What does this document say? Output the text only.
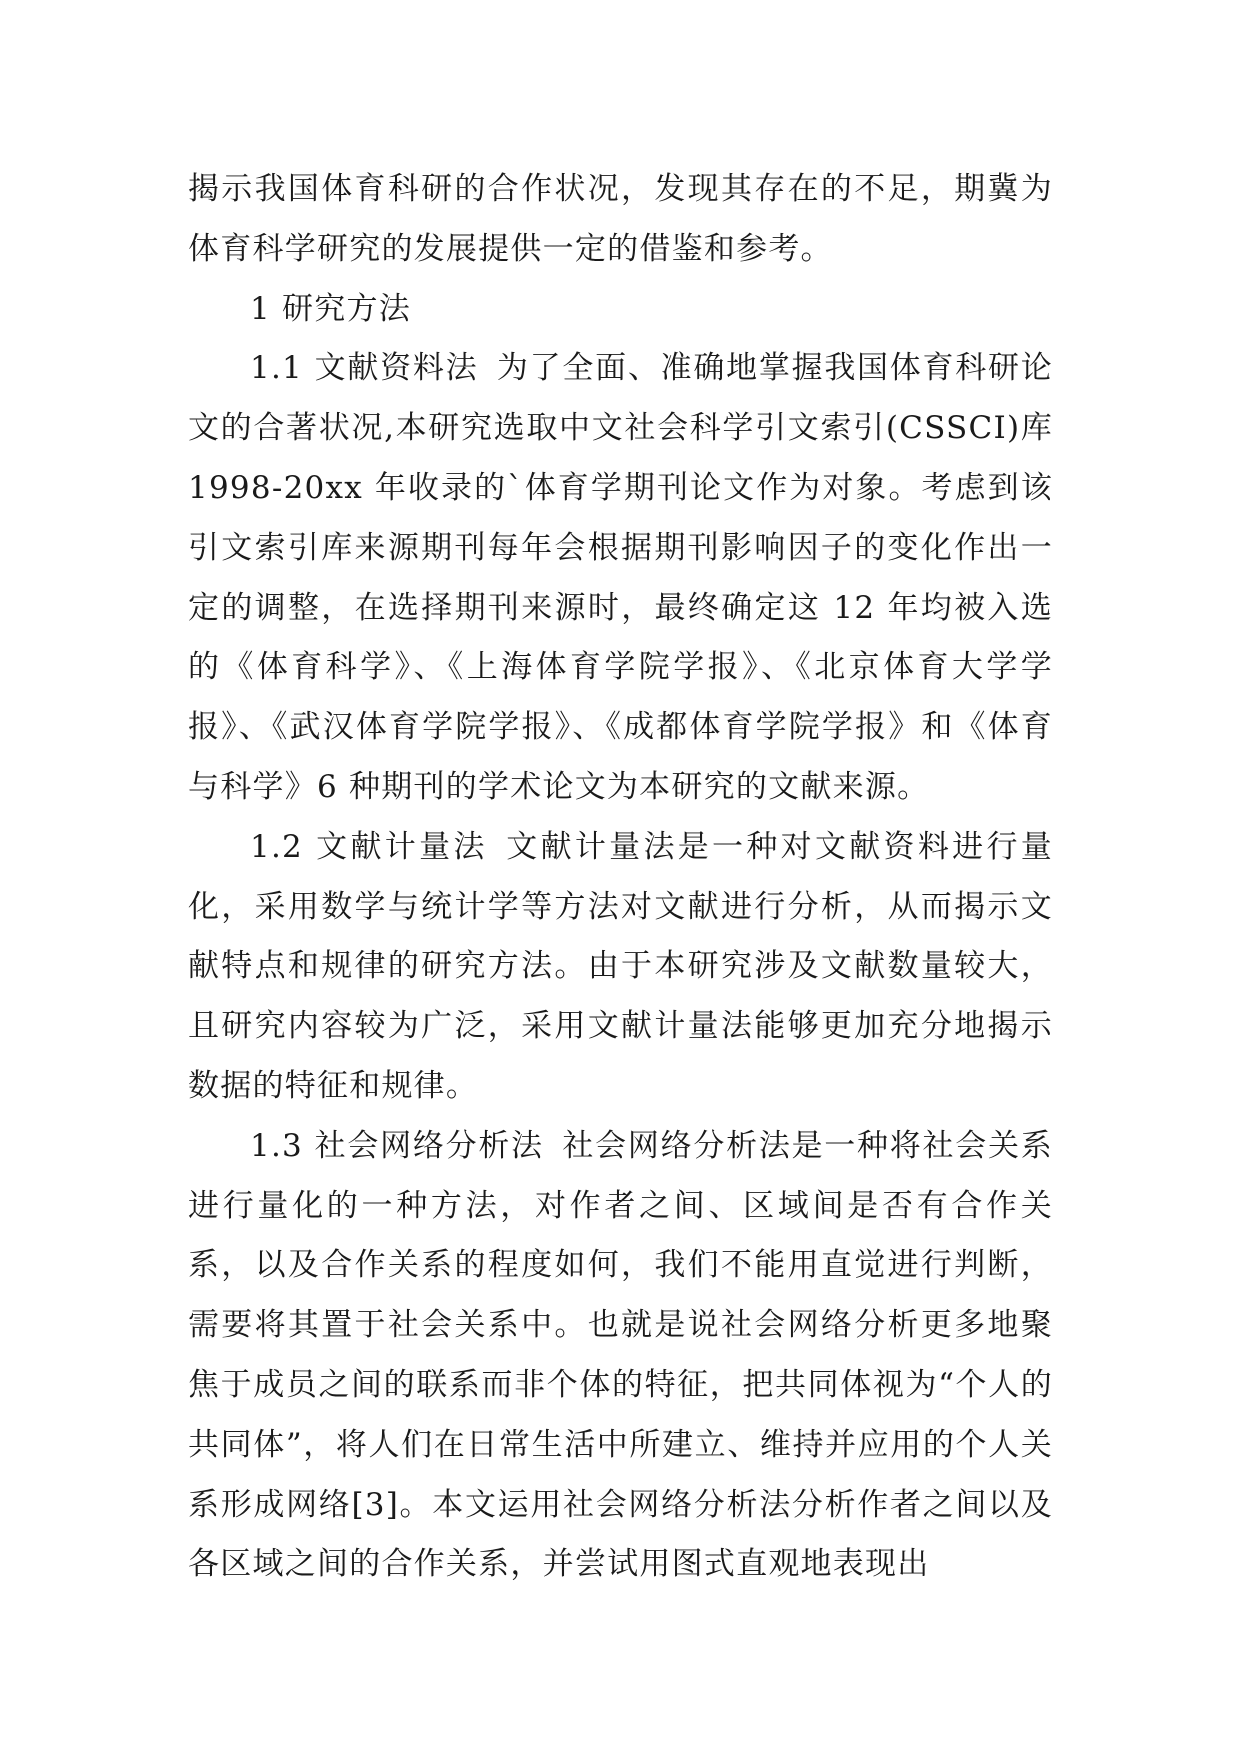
揭示我国体育科研的合作状况，发现其存在的不足，期冀为体育科学研究的发展提供一定的借鉴和参考。

1 研究方法

1.1 文献资料法 为了全面、准确地掌握我国体育科研论文的合著状况,本研究选取中文社会科学引文索引(CSSCI)库 1998-20xx 年收录的`体育学期刊论文作为对象。考虑到该引文索引库来源期刊每年会根据期刊影响因子的变化作出一定的调整，在选择期刊来源时，最终确定这 12 年均被入选的《体育科学》、《上海体育学院学报》、《北京体育大学学报》、《武汉体育学院学报》、《成都体育学院学报》和《体育与科学》6 种期刊的学术论文为本研究的文献来源。

1.2 文献计量法 文献计量法是一种对文献资料进行量化，采用数学与统计学等方法对文献进行分析，从而揭示文献特点和规律的研究方法。由于本研究涉及文献数量较大，且研究内容较为广泛，采用文献计量法能够更加充分地揭示数据的特征和规律。

1.3 社会网络分析法 社会网络分析法是一种将社会关系进行量化的一种方法，对作者之间、区域间是否有合作关系，以及合作关系的程度如何，我们不能用直觉进行判断，需要将其置于社会关系中。也就是说社会网络分析更多地聚焦于成员之间的联系而非个体的特征，把共同体视为“个人的共同体”，将人们在日常生活中所建立、维持并应用的个人关系形成网络[3]。本文运用社会网络分析法分析作者之间以及各区域之间的合作关系，并尝试用图式直观地表现出
